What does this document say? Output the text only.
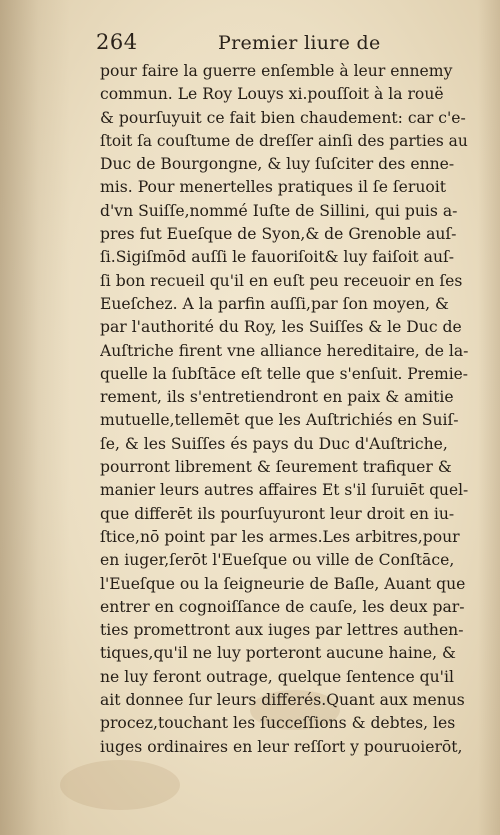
264	Premier liure de
pour faire la guerre enſemble à leur ennemy
commun. Le Roy Louys xi.pouſſoit à la rouë
& pourſuyuit ce fait bien chaudement: car c'e-
ſtoit ſa couſtume de dreſſer ainſi des parties au
Duc de Bourgongne, & luy ſuſciter des enne-
mis. Pour menertelles pratiques il ſe ſeruoit
d'vn Suiſſe,nommé Iuſte de Sillini, qui puis a-
pres fut Eueſque de Syon,& de Grenoble auſ-
ſi.Sigiſmōd auſſi le fauoriſoit& luy faiſoit auſ-
ſi bon recueil qu'il en euſt peu receuoir en ſes
Eueſchez. A la parfin auſſi,par ſon moyen, &
par l'authorité du Roy, les Suiſſes & le Duc de
Auſtriche firent vne alliance hereditaire, de la-
quelle la ſubſtāce eſt telle que s'enſuit. Premie-
rement, ils s'entretiendront en paix & amitie
mutuelle,tellemēt que les Auſtrichiés en Suiſ-
ſe, & les Suiſſes és pays du Duc d'Auſtriche,
pourront librement & ſeurement trafiquer &
manier leurs autres affaires Et s'il ſuruiēt quel-
que differēt ils pourſuyuront leur droit en iu-
ſtice,nō point par les armes.Les arbitres,pour
en iuger,ſerōt l'Eueſque ou ville de Conſtāce,
l'Eueſque ou la ſeigneurie de Baſle, Auant que
entrer en cognoiſſance de cauſe, les deux par-
ties promettront aux iuges par lettres authen-
tiques,qu'il ne luy porteront aucune haine, &
ne luy feront outrage, quelque ſentence qu'il
ait donnee ſur leurs differés.Quant aux menus
procez,touchant les ſucceſſions & debtes, les
iuges ordinaires en leur reſſort y pouruoierōt,
